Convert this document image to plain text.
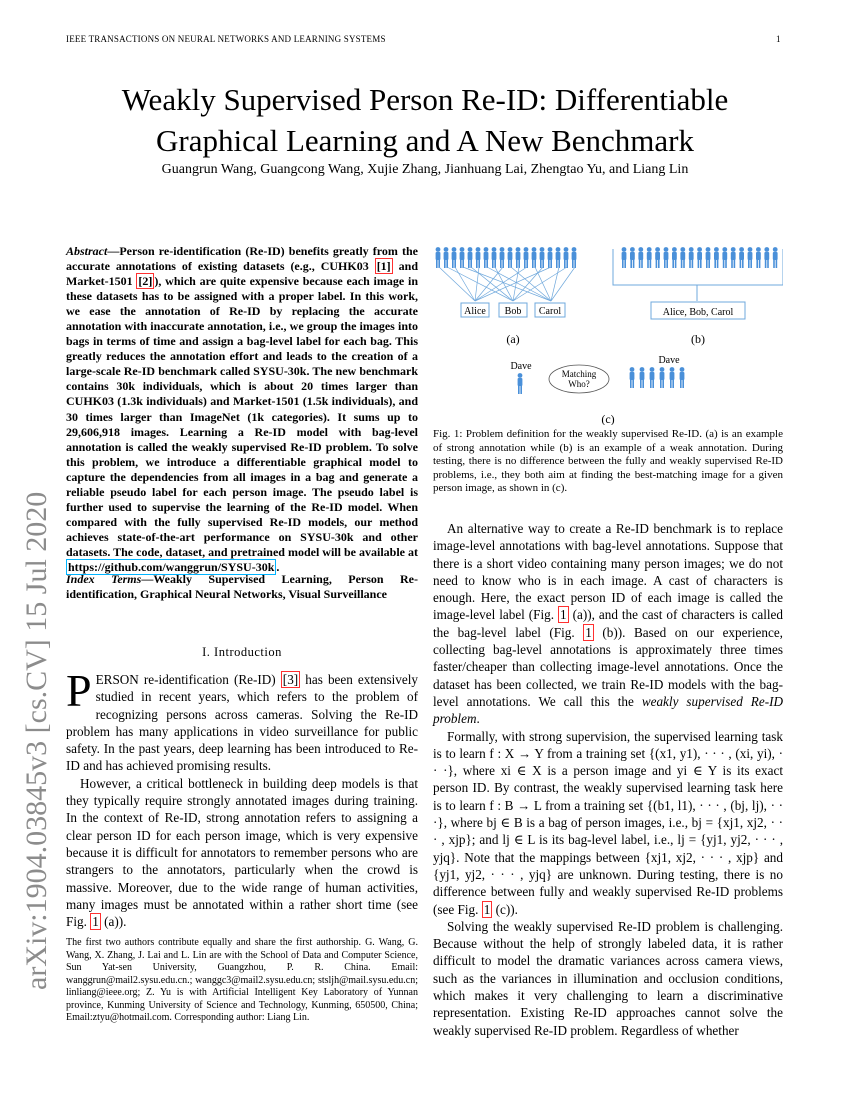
IEEE TRANSACTIONS ON NEURAL NETWORKS AND LEARNING SYSTEMS	1
arXiv:1904.03845v3 [cs.CV] 15 Jul 2020
Weakly Supervised Person Re-ID: Differentiable
Graphical Learning and A New Benchmark
Guangrun Wang, Guangcong Wang, Xujie Zhang, Jianhuang Lai, Zhengtao Yu, and Liang Lin
Abstract—Person re-identification (Re-ID) benefits greatly from the accurate annotations of existing datasets (e.g., CUHK03 [1] and Market-1501 [2] ), which are quite expensive because each image in these datasets has to be assigned with a proper label. In this work, we ease the annotation of Re-ID by replacing the accurate annotation with inaccurate annotation, i.e., we group the images into bags in terms of time and assign a bag-level label for each bag. This greatly reduces the annotation effort and leads to the creation of a large-scale Re-ID benchmark called SYSU-30k. The new benchmark contains 30k individuals, which is about 20 times larger than CUHK03 (1.3k individuals) and Market-1501 (1.5k individuals), and 30 times larger than ImageNet (1k categories). It sums up to 29,606,918 images. Learning a Re-ID model with bag-level annotation is called the weakly supervised Re-ID problem. To solve this problem, we introduce a differentiable graphical model to capture the dependencies from all images in a bag and generate a reliable pseudo label for each person image. The pseudo label is further used to supervise the learning of the Re-ID model. When compared with the fully supervised Re-ID models, our method achieves state-of-the-art performance on SYSU-30k and other datasets. The code, dataset, and pretrained model will be available at https://github.com/wanggrun/SYSU-30k .
Index Terms—Weakly Supervised Learning, Person Re-identification, Graphical Neural Networks, Visual Surveillance
I. Introduction

PERSON re-identification (Re-ID) [3] has been extensively studied in recent years, which refers to the problem of recognizing persons across cameras. Solving the Re-ID problem has many applications in video surveillance for public safety. In the past years, deep learning has been introduced to Re-ID and has achieved promising results.

However, a critical bottleneck in building deep models is that they typically require strongly annotated images during training. In the context of Re-ID, strong annotation refers to assigning a clear person ID for each person image, which is very expensive because it is difficult for annotators to remember persons who are strangers to the annotators, particularly when the crowd is massive. Moreover, due to the wide range of human activities, many images must be annotated within a rather short time (see Fig. 1 (a)).

The first two authors contribute equally and share the first authorship. G. Wang, G. Wang, X. Zhang, J. Lai and L. Lin are with the School of Data and Computer Science, Sun Yat-sen University, Guangzhou, P. R. China. Email: wanggrun@mail2.sysu.edu.cn.; wanggc3@mail2.sysu.edu.cn; stsljh@mail.sysu.edu.cn; linliang@ieee.org; Z. Yu is with Artificial Intelligent Key Laboratory of Yunnan province, Kunming University of Science and Technology, Kunming, 650500, China; Email:ztyu@hotmail.com. Corresponding author: Liang Lin.
Alice Bob Carol
(a)
Alice, Bob, Carol
(b)
Dave
Matching
Who?
Dave
(c)
Fig. 1: Problem definition for the weakly supervised Re-ID. (a) is an example of strong annotation while (b) is an example of a weak annotation. During testing, there is no difference between the fully and weakly supervised Re-ID problems, i.e., they both aim at finding the best-matching image for a given person image, as shown in (c).

An alternative way to create a Re-ID benchmark is to replace image-level annotations with bag-level annotations. Suppose that there is a short video containing many person images; we do not need to know who is in each image. A cast of characters is enough. Here, the exact person ID of each image is called the image-level label (Fig. 1 (a)), and the cast of characters is called the bag-level label (Fig. 1 (b)). Based on our experience, collecting bag-level annotations is approximately three times faster/cheaper than collecting image-level annotations. Once the dataset has been collected, we train Re-ID models with the bag-level annotations. We call this the weakly supervised Re-ID problem.

Formally, with strong supervision, the supervised learning task is to learn f : X → Y from a training set {(x1, y1), · · · , (xi, yi), · · ·}, where xi ∈ X is a person image and yi ∈ Y is its exact person ID. By contrast, the weakly supervised learning task here is to learn f : B → L from a training set {(b1, l1), · · · , (bj, lj), · · ·}, where bj ∈ B is a bag of person images, i.e., bj = {xj1, xj2, · · · , xjp}; and lj ∈ L is its bag-level label, i.e., lj = {yj1, yj2, · · · , yjq}. Note that the mappings between {xj1, xj2, · · · , xjp} and {yj1, yj2, · · · , yjq} are unknown. During testing, there is no difference between fully and weakly supervised Re-ID problems (see Fig. 1 (c)).

Solving the weakly supervised Re-ID problem is challenging. Because without the help of strongly labeled data, it is rather difficult to model the dramatic variances across camera views, such as the variances in illumination and occlusion conditions, which makes it very challenging to learn a discriminative representation. Existing Re-ID approaches cannot solve the weakly supervised Re-ID problem. Regardless of whether
